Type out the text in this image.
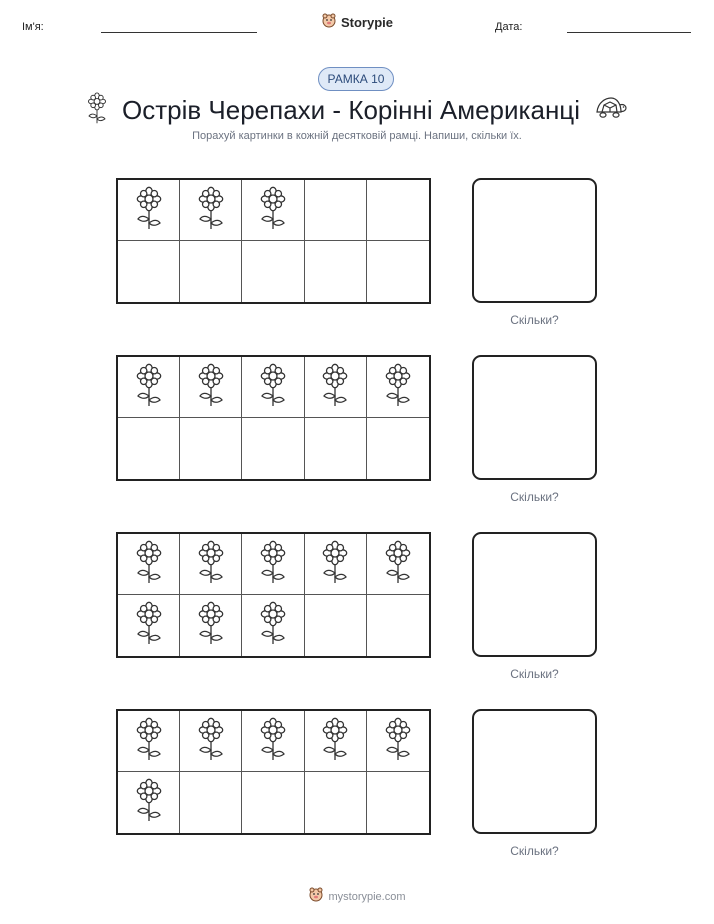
Ім'я:	Storypie	Дата:
РАМКА 10
Острів Черепахи - Корінні Американці
Порахуй картинки в кожній десятковій рамці. Напиши, скільки їх.
Скільки?
Скільки?
Скільки?
Скільки?
mystorypie.com
